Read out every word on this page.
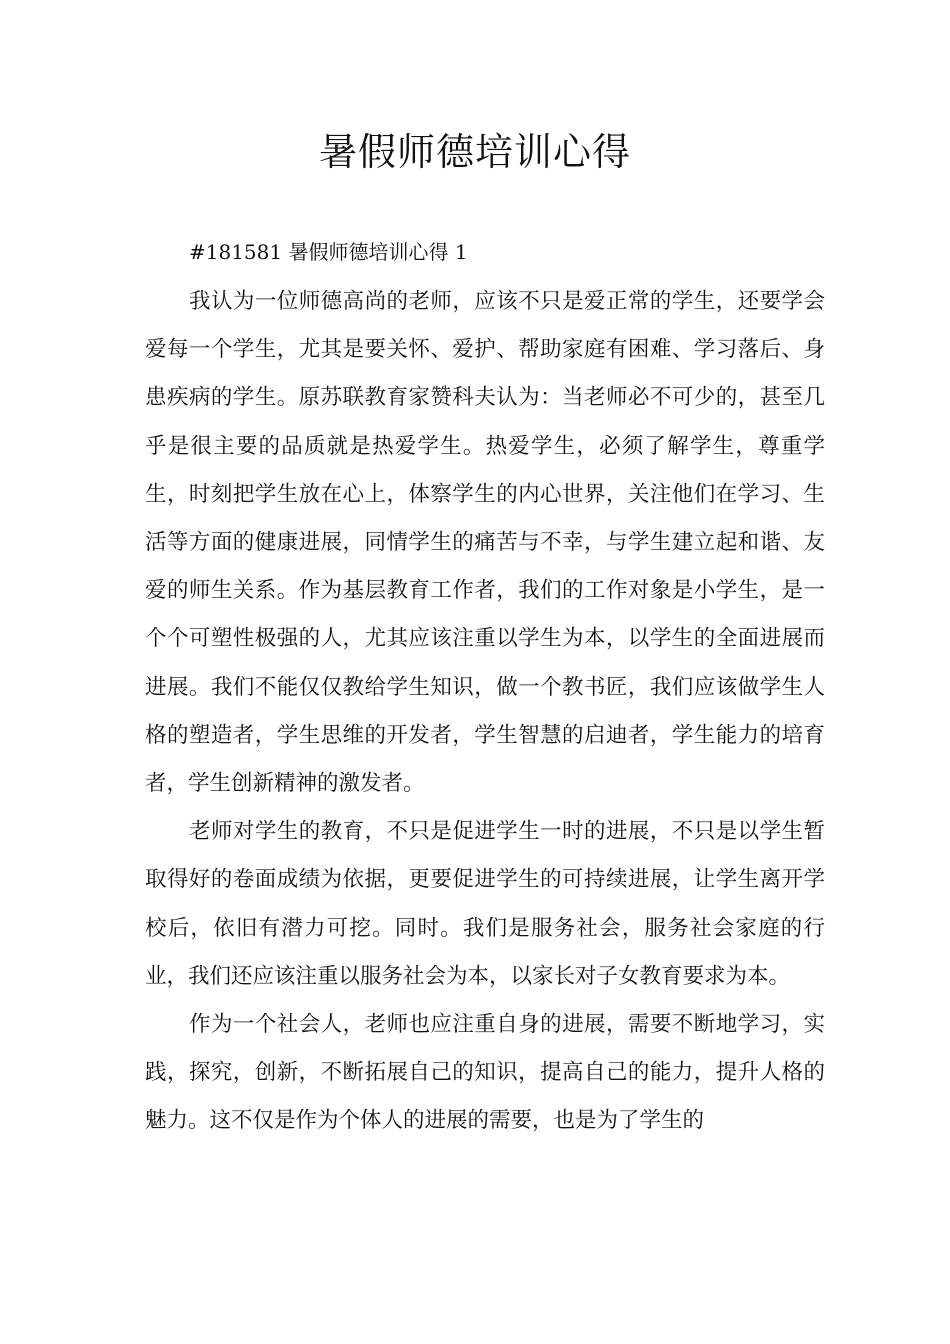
暑假师德培训心得

#181581 暑假师德培训心得 1

我认为一位师德高尚的老师，应该不只是爱正常的学生，还要学会爱每一个学生，尤其是要关怀、爱护、帮助家庭有困难、学习落后、身患疾病的学生。原苏联教育家赞科夫认为：当老师必不可少的，甚至几乎是很主要的品质就是热爱学生。热爱学生，必须了解学生，尊重学生，时刻把学生放在心上，体察学生的内心世界，关注他们在学习、生活等方面的健康进展，同情学生的痛苦与不幸，与学生建立起和谐、友爱的师生关系。作为基层教育工作者，我们的工作对象是小学生，是一个个可塑性极强的人，尤其应该注重以学生为本，以学生的全面进展而进展。我们不能仅仅教给学生知识，做一个教书匠，我们应该做学生人格的塑造者，学生思维的开发者，学生智慧的启迪者，学生能力的培育者，学生创新精神的激发者。

老师对学生的教育，不只是促进学生一时的进展，不只是以学生暂取得好的卷面成绩为依据，更要促进学生的可持续进展，让学生离开学校后，依旧有潜力可挖。同时。我们是服务社会，服务社会家庭的行业，我们还应该注重以服务社会为本，以家长对子女教育要求为本。

作为一个社会人，老师也应注重自身的进展，需要不断地学习，实践，探究，创新，不断拓展自己的知识，提高自己的能力，提升人格的魅力。这不仅是作为个体人的进展的需要，也是为了学生的
